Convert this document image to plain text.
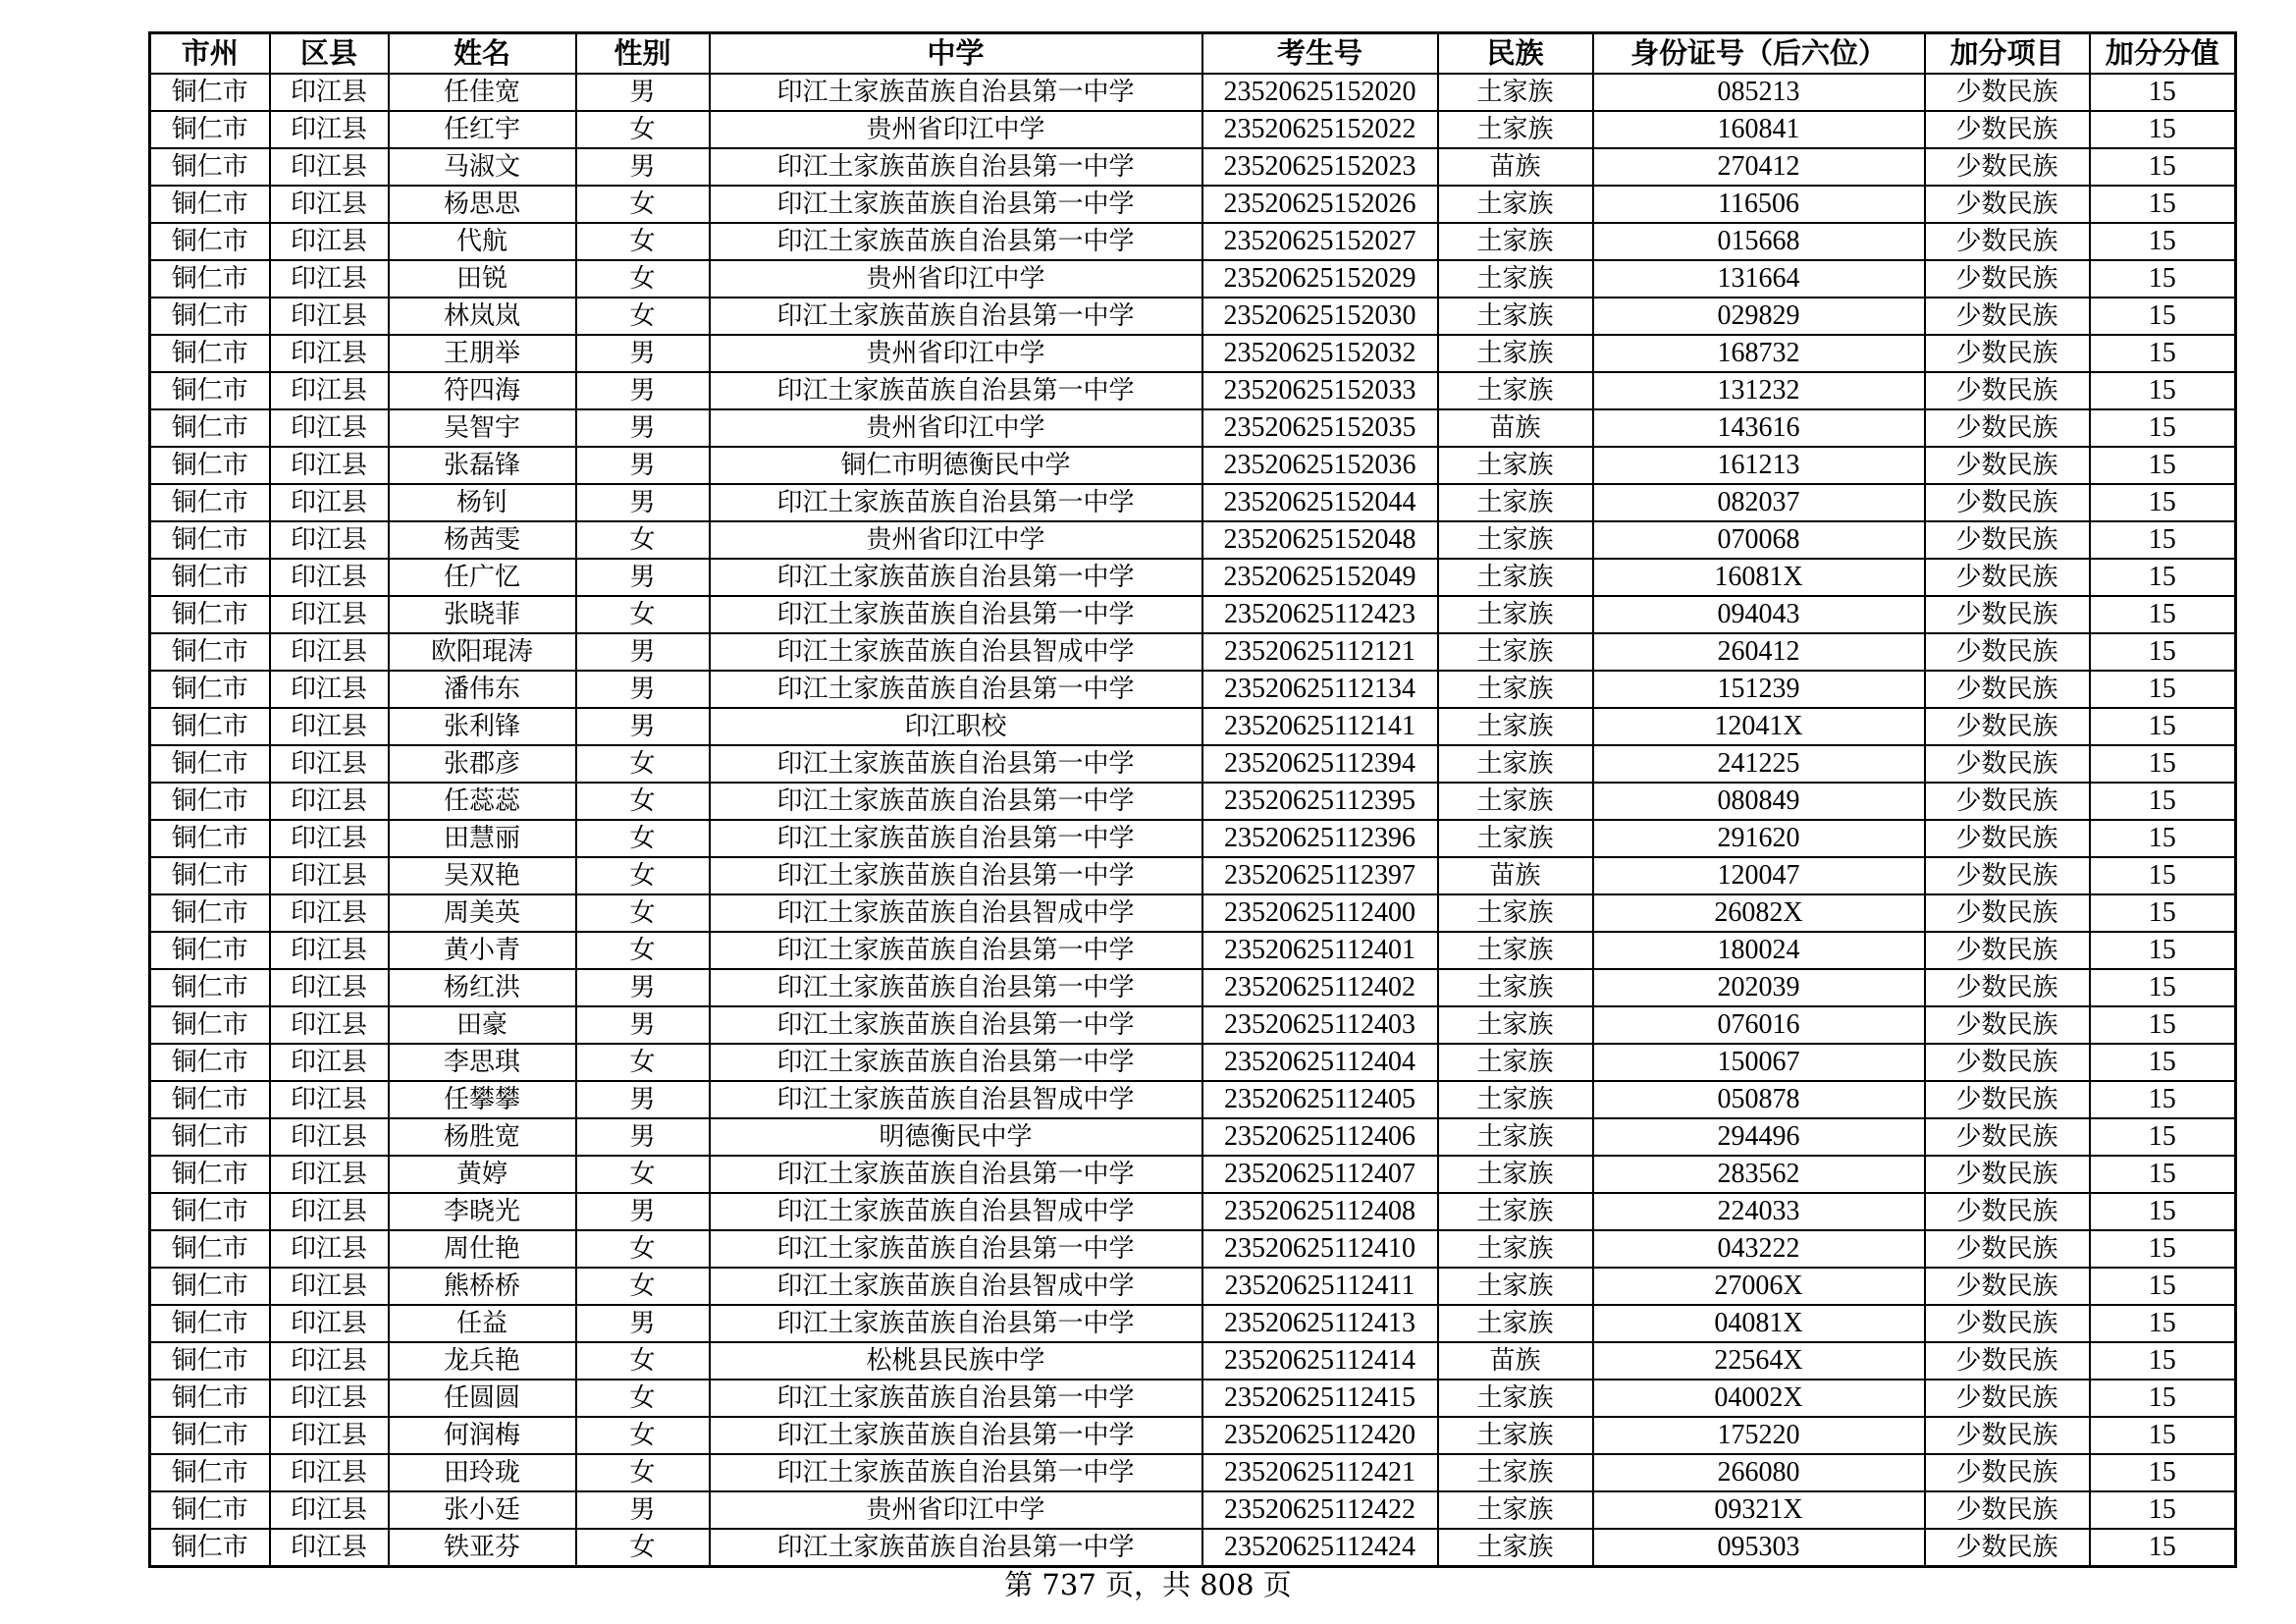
市州	区县	姓名	性别	中学	考生号	民族	身份证号（后六位）	加分项目	加分分值
铜仁市	印江县	任佳宽	男	印江土家族苗族自治县第一中学	23520625152020	土家族	085213	少数民族	15
铜仁市	印江县	任红宇	女	贵州省印江中学	23520625152022	土家族	160841	少数民族	15
铜仁市	印江县	马淑文	男	印江土家族苗族自治县第一中学	23520625152023	苗族	270412	少数民族	15
铜仁市	印江县	杨思思	女	印江土家族苗族自治县第一中学	23520625152026	土家族	116506	少数民族	15
铜仁市	印江县	代航	女	印江土家族苗族自治县第一中学	23520625152027	土家族	015668	少数民族	15
铜仁市	印江县	田锐	女	贵州省印江中学	23520625152029	土家族	131664	少数民族	15
铜仁市	印江县	林岚岚	女	印江土家族苗族自治县第一中学	23520625152030	土家族	029829	少数民族	15
铜仁市	印江县	王朋举	男	贵州省印江中学	23520625152032	土家族	168732	少数民族	15
铜仁市	印江县	符四海	男	印江土家族苗族自治县第一中学	23520625152033	土家族	131232	少数民族	15
铜仁市	印江县	吴智宇	男	贵州省印江中学	23520625152035	苗族	143616	少数民族	15
铜仁市	印江县	张磊锋	男	铜仁市明德衡民中学	23520625152036	土家族	161213	少数民族	15
铜仁市	印江县	杨钊	男	印江土家族苗族自治县第一中学	23520625152044	土家族	082037	少数民族	15
铜仁市	印江县	杨茜雯	女	贵州省印江中学	23520625152048	土家族	070068	少数民族	15
铜仁市	印江县	任广忆	男	印江土家族苗族自治县第一中学	23520625152049	土家族	16081X	少数民族	15
铜仁市	印江县	张晓菲	女	印江土家族苗族自治县第一中学	23520625112423	土家族	094043	少数民族	15
铜仁市	印江县	欧阳琨涛	男	印江土家族苗族自治县智成中学	23520625112121	土家族	260412	少数民族	15
铜仁市	印江县	潘伟东	男	印江土家族苗族自治县第一中学	23520625112134	土家族	151239	少数民族	15
铜仁市	印江县	张利锋	男	印江职校	23520625112141	土家族	12041X	少数民族	15
铜仁市	印江县	张郡彦	女	印江土家族苗族自治县第一中学	23520625112394	土家族	241225	少数民族	15
铜仁市	印江县	任蕊蕊	女	印江土家族苗族自治县第一中学	23520625112395	土家族	080849	少数民族	15
铜仁市	印江县	田慧丽	女	印江土家族苗族自治县第一中学	23520625112396	土家族	291620	少数民族	15
铜仁市	印江县	吴双艳	女	印江土家族苗族自治县第一中学	23520625112397	苗族	120047	少数民族	15
铜仁市	印江县	周美英	女	印江土家族苗族自治县智成中学	23520625112400	土家族	26082X	少数民族	15
铜仁市	印江县	黄小青	女	印江土家族苗族自治县第一中学	23520625112401	土家族	180024	少数民族	15
铜仁市	印江县	杨红洪	男	印江土家族苗族自治县第一中学	23520625112402	土家族	202039	少数民族	15
铜仁市	印江县	田豪	男	印江土家族苗族自治县第一中学	23520625112403	土家族	076016	少数民族	15
铜仁市	印江县	李思琪	女	印江土家族苗族自治县第一中学	23520625112404	土家族	150067	少数民族	15
铜仁市	印江县	任攀攀	男	印江土家族苗族自治县智成中学	23520625112405	土家族	050878	少数民族	15
铜仁市	印江县	杨胜宽	男	明德衡民中学	23520625112406	土家族	294496	少数民族	15
铜仁市	印江县	黄婷	女	印江土家族苗族自治县第一中学	23520625112407	土家族	283562	少数民族	15
铜仁市	印江县	李晓光	男	印江土家族苗族自治县智成中学	23520625112408	土家族	224033	少数民族	15
铜仁市	印江县	周仕艳	女	印江土家族苗族自治县第一中学	23520625112410	土家族	043222	少数民族	15
铜仁市	印江县	熊桥桥	女	印江土家族苗族自治县智成中学	23520625112411	土家族	27006X	少数民族	15
铜仁市	印江县	任益	男	印江土家族苗族自治县第一中学	23520625112413	土家族	04081X	少数民族	15
铜仁市	印江县	龙兵艳	女	松桃县民族中学	23520625112414	苗族	22564X	少数民族	15
铜仁市	印江县	任圆圆	女	印江土家族苗族自治县第一中学	23520625112415	土家族	04002X	少数民族	15
铜仁市	印江县	何润梅	女	印江土家族苗族自治县第一中学	23520625112420	土家族	175220	少数民族	15
铜仁市	印江县	田玲珑	女	印江土家族苗族自治县第一中学	23520625112421	土家族	266080	少数民族	15
铜仁市	印江县	张小廷	男	贵州省印江中学	23520625112422	土家族	09321X	少数民族	15
铜仁市	印江县	铁亚芬	女	印江土家族苗族自治县第一中学	23520625112424	土家族	095303	少数民族	15
第 737 页，共 808 页
